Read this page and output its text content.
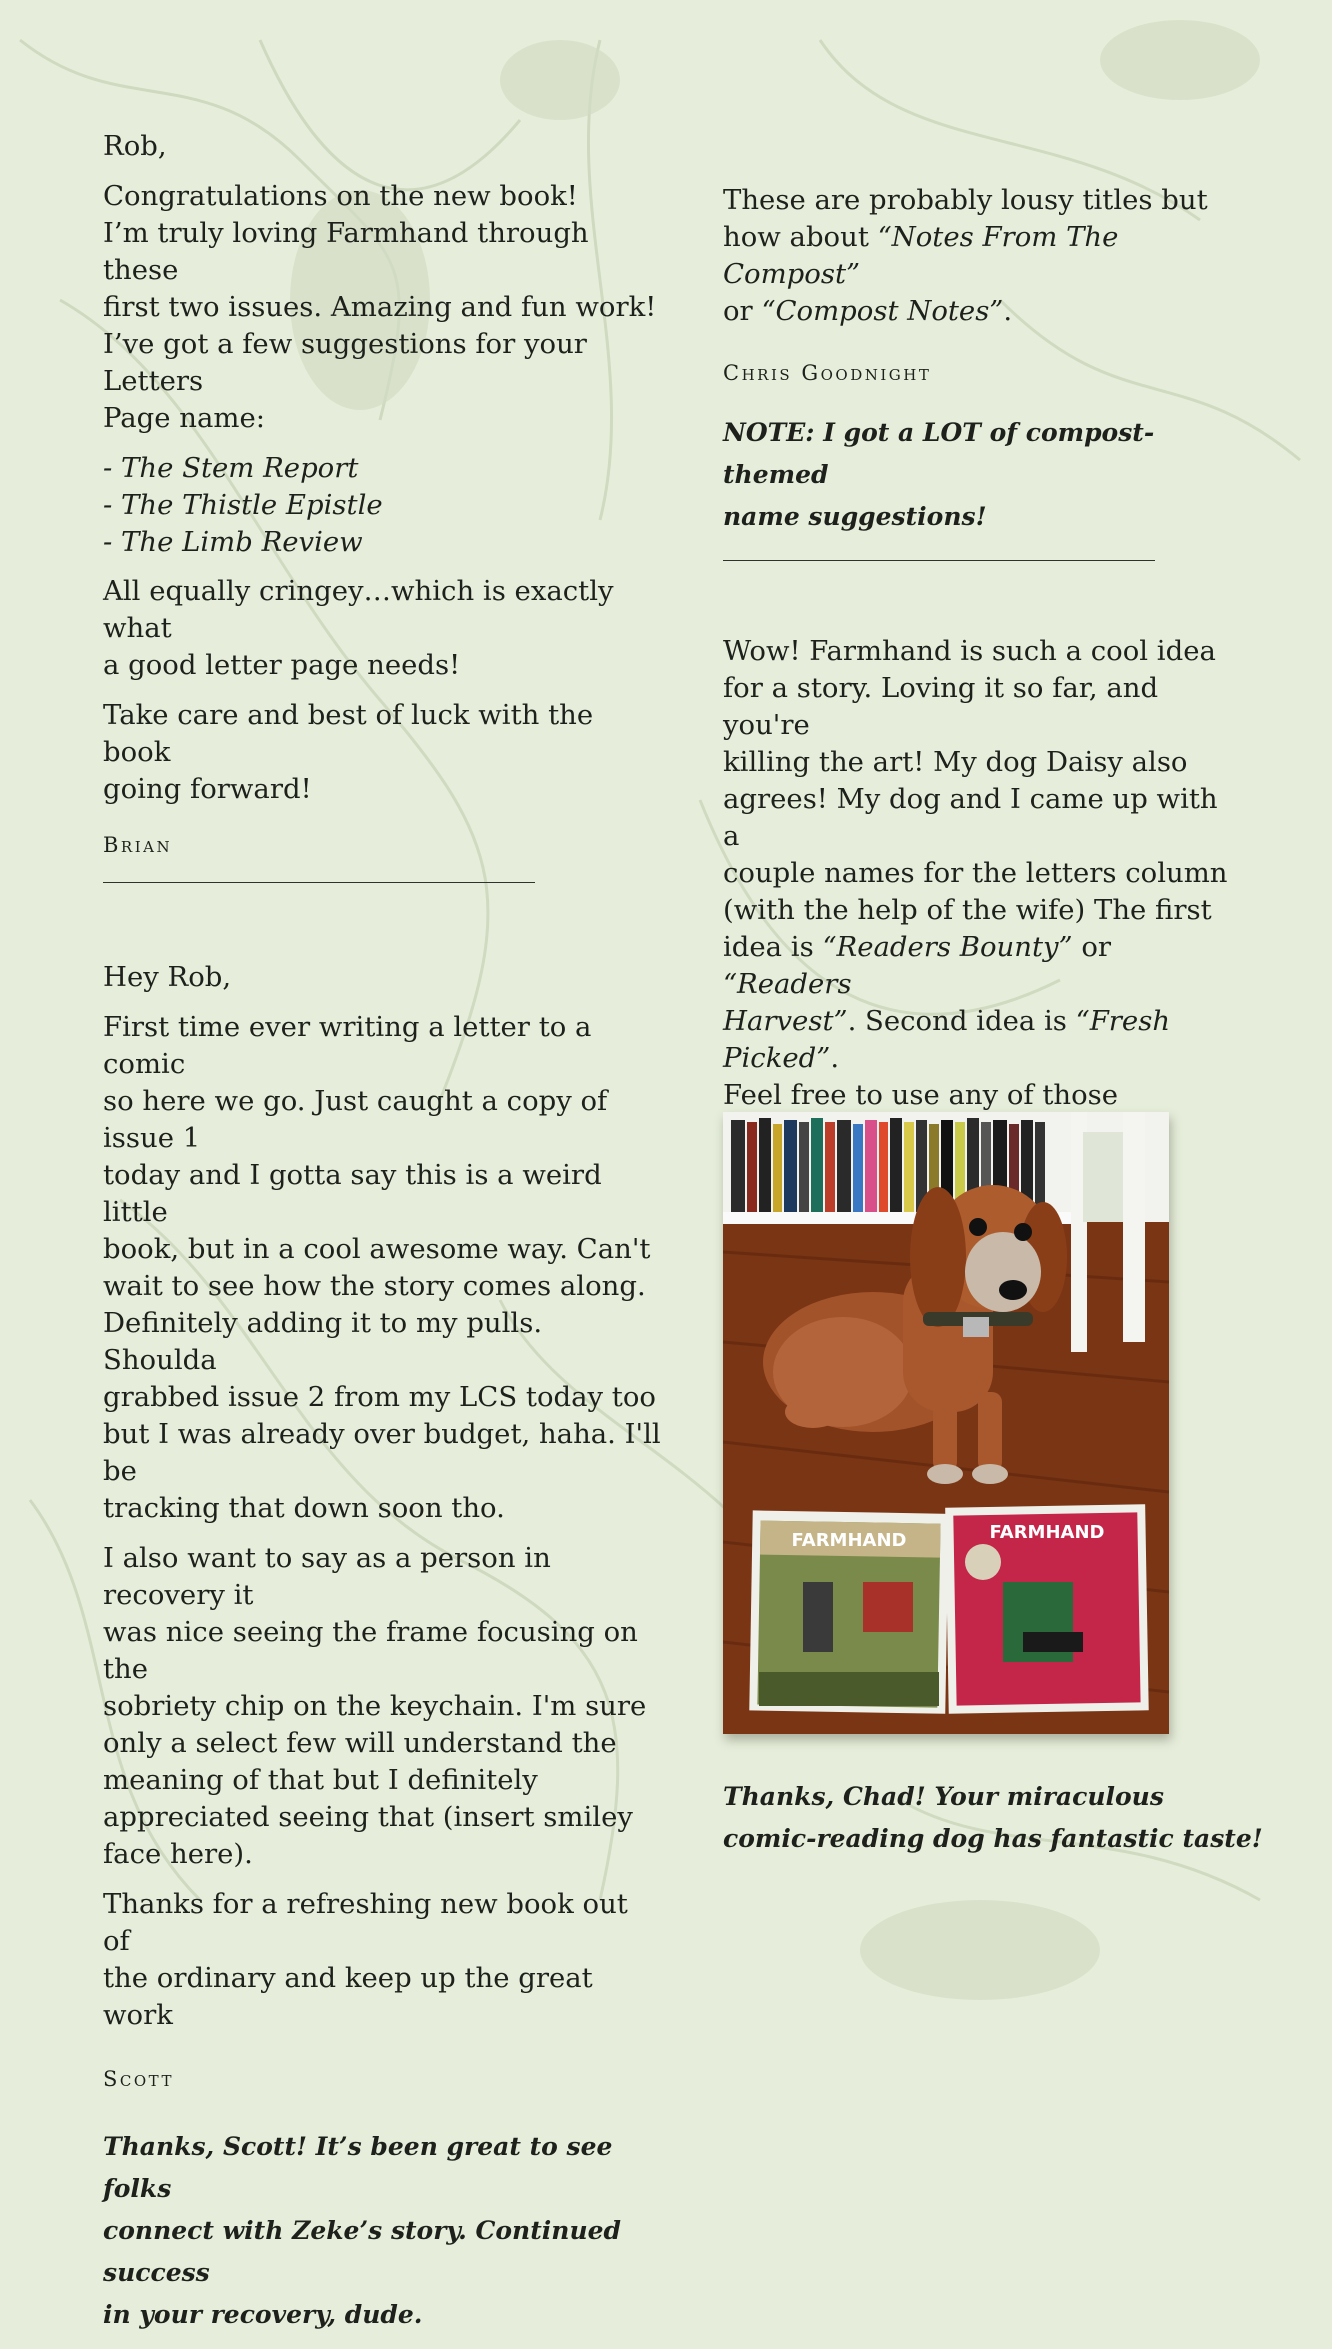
Rob,

Congratulations on the new book!
I’m truly loving Farmhand through these
first two issues. Amazing and fun work!
I’ve got a few suggestions for your Letters
Page name:

- The Stem Report
- The Thistle Epistle
- The Limb Review

All equally cringey…which is exactly what
a good letter page needs!

Take care and best of luck with the book
going forward!

Brian

Hey Rob,

First time ever writing a letter to a comic
so here we go. Just caught a copy of issue 1
today and I gotta say this is a weird little
book, but in a cool awesome way. Can't
wait to see how the story comes along.
Definitely adding it to my pulls. Shoulda
grabbed issue 2 from my LCS today too
but I was already over budget, haha. I'll be
tracking that down soon tho.

I also want to say as a person in recovery it
was nice seeing the frame focusing on the
sobriety chip on the keychain. I'm sure
only a select few will understand the
meaning of that but I definitely
appreciated seeing that (insert smiley
face here).

Thanks for a refreshing new book out of
the ordinary and keep up the great work

Scott

Thanks, Scott! It’s been great to see folks
connect with Zeke’s story. Continued success
in your recovery, dude.

These are probably lousy titles but
how about “Notes From The Compost”
or “Compost Notes”.

Chris Goodnight

NOTE: I got a LOT of compost-themed
name suggestions!

Wow! Farmhand is such a cool idea
for a story. Loving it so far, and you're
killing the art! My dog Daisy also
agrees! My dog and I came up with a
couple names for the letters column
(with the help of the wife) The first
idea is “Readers Bounty” or “Readers
Harvest”. Second idea is “Fresh Picked”.
Feel free to use any of those

FARMHAND	FARMHAND

Thanks, Chad! Your miraculous
comic-reading dog has fantastic taste!
